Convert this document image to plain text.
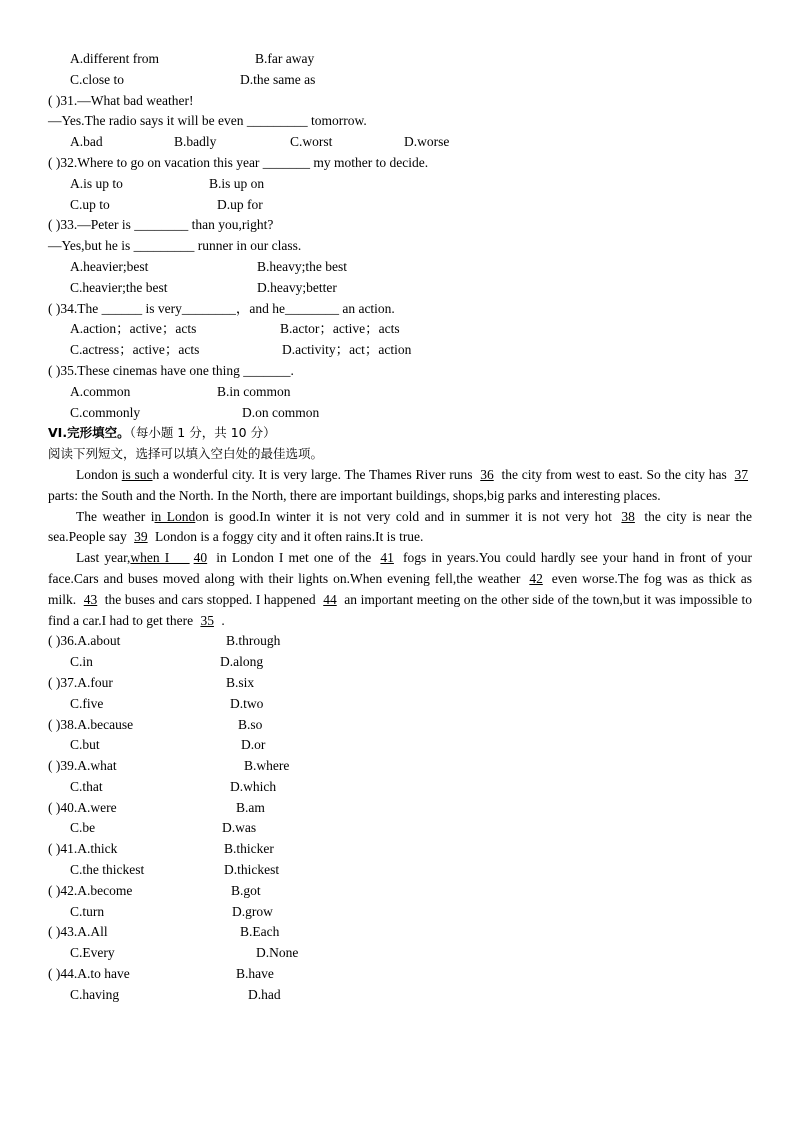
A.different from	B.far away
C.close to	D.the same as
( )31.—What bad weather!
—Yes.The radio says it will be even _________ tomorrow.
A.bad	B.badly	C.worst	D.worse
( )32.Where to go on vacation this year _______ my mother to decide.
A.is up to	B.is up on
C.up to	D.up for
( )33.—Peter is ________ than you,right?
—Yes,but he is _________ runner in our class.
A.heavier;best	B.heavy;the best
C.heavier;the best	D.heavy;better
( )34.The ______ is very________，and he________ an action.
A.action；active；acts	B.actor；active；acts
C.actress；active；acts	D.activity；act；action
( )35.These cinemas have one thing _______.
A.common	B.in common
C.commonly	D.on common
VI.完形填空。（每小题 1 分，共 10 分）
阅读下列短文，选择可以填入空白处的最佳选项。
London is such a wonderful city. It is very large. The Thames River runs 36 the city from west to east. So the city has 37 parts: the South and the North. In the North, there are important buildings, shops,big parks and interesting places.
The weather in London is good.In winter it is not very cold and in summer it is not very hot 38 the city is near the sea.People say 39 London is a foggy city and it often rains.It is true.
Last year,when I    40 in London I met one of the 41 fogs in years.You could hardly see your hand in front of your face.Cars and buses moved along with their lights on.When evening fell,the weather 42 even worse.The fog was as thick as milk. 43 the buses and cars stopped. I happened 44 an important meeting on the other side of the town,but it was impossible to find a car.I had to get there 35 .
( )36.A.about	B.through
C.in	D.along
( )37.A.four	B.six
C.five	D.two
( )38.A.because	B.so
C.but	D.or
( )39.A.what	B.where
C.that	D.which
( )40.A.were	B.am
C.be	D.was
( )41.A.thick	B.thicker
C.the thickest	D.thickest
( )42.A.become	B.got
C.turn	D.grow
( )43.A.All	B.Each
C.Every	D.None
( )44.A.to have	B.have
C.having	D.had
